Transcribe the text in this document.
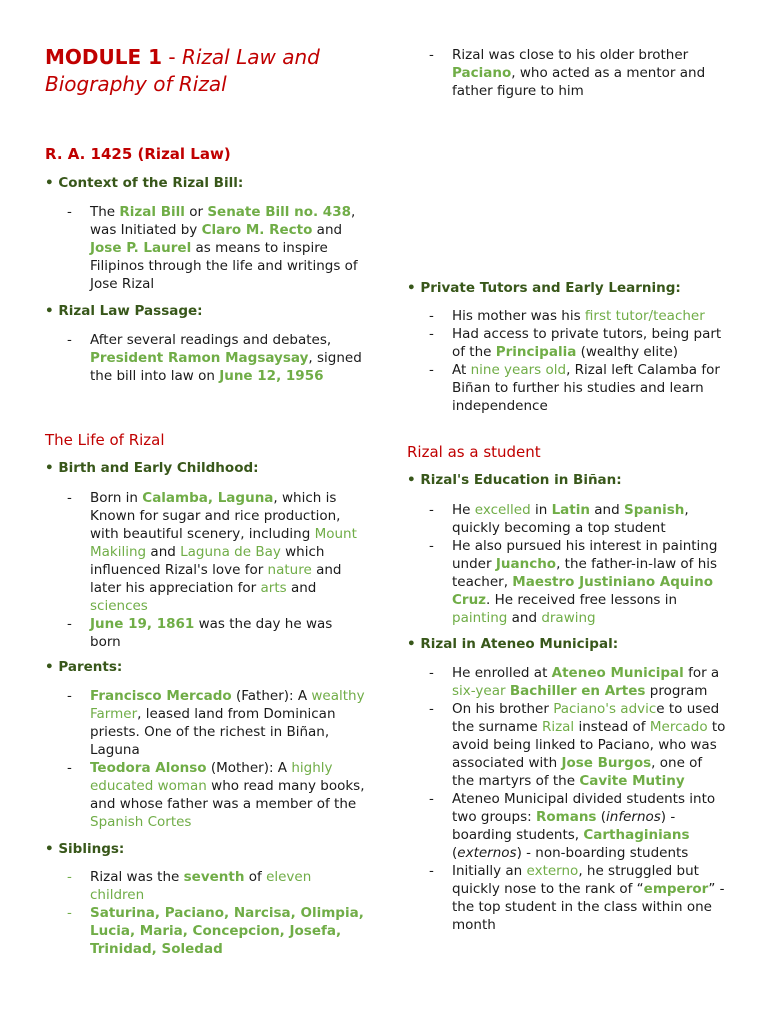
MODULE 1 - Rizal Law and
Biography of Rizal
R. A. 1425 (Rizal Law)
• Context of the Rizal Bill:
- The Rizal Bill or Senate Bill no. 438, was Initiated by Claro M. Recto and Jose P. Laurel as means to inspire Filipinos through the life and writings of Jose Rizal
• Rizal Law Passage:
- After several readings and debates, President Ramon Magsaysay, signed the bill into law on June 12, 1956
The Life of Rizal
• Birth and Early Childhood:
- Born in Calamba, Laguna, which is Known for sugar and rice production, with beautiful scenery, including Mount Makiling and Laguna de Bay which influenced Rizal's love for nature and later his appreciation for arts and sciences
- June 19, 1861 was the day he was born
• Parents:
- Francisco Mercado (Father): A wealthy Farmer, leased land from Dominican priests. One of the richest in Biñan, Laguna
- Teodora Alonso (Mother): A highly educated woman who read many books, and whose father was a member of the Spanish Cortes
• Siblings:
- Rizal was the seventh of eleven children
- Saturina, Paciano, Narcisa, Olimpia, Lucia, Maria, Concepcion, Josefa, Trinidad, Soledad
- Rizal was close to his older brother Paciano, who acted as a mentor and father figure to him
• Private Tutors and Early Learning:
- His mother was his first tutor/teacher
- Had access to private tutors, being part of the Principalia (wealthy elite)
- At nine years old, Rizal left Calamba for Biñan to further his studies and learn independence
Rizal as a student
• Rizal's Education in Biñan:
- He excelled in Latin and Spanish, quickly becoming a top student
- He also pursued his interest in painting under Juancho, the father-in-law of his teacher, Maestro Justiniano Aquino Cruz. He received free lessons in painting and drawing
• Rizal in Ateneo Municipal:
- He enrolled at Ateneo Municipal for a six-year Bachiller en Artes program
- On his brother Paciano's advice to used the surname Rizal instead of Mercado to avoid being linked to Paciano, who was associated with Jose Burgos, one of the martyrs of the Cavite Mutiny
- Ateneo Municipal divided students into two groups: Romans (infernos) - boarding students, Carthaginians (externos) - non-boarding students
- Initially an externo, he struggled but quickly nose to the rank of “emperor” - the top student in the class within one month
